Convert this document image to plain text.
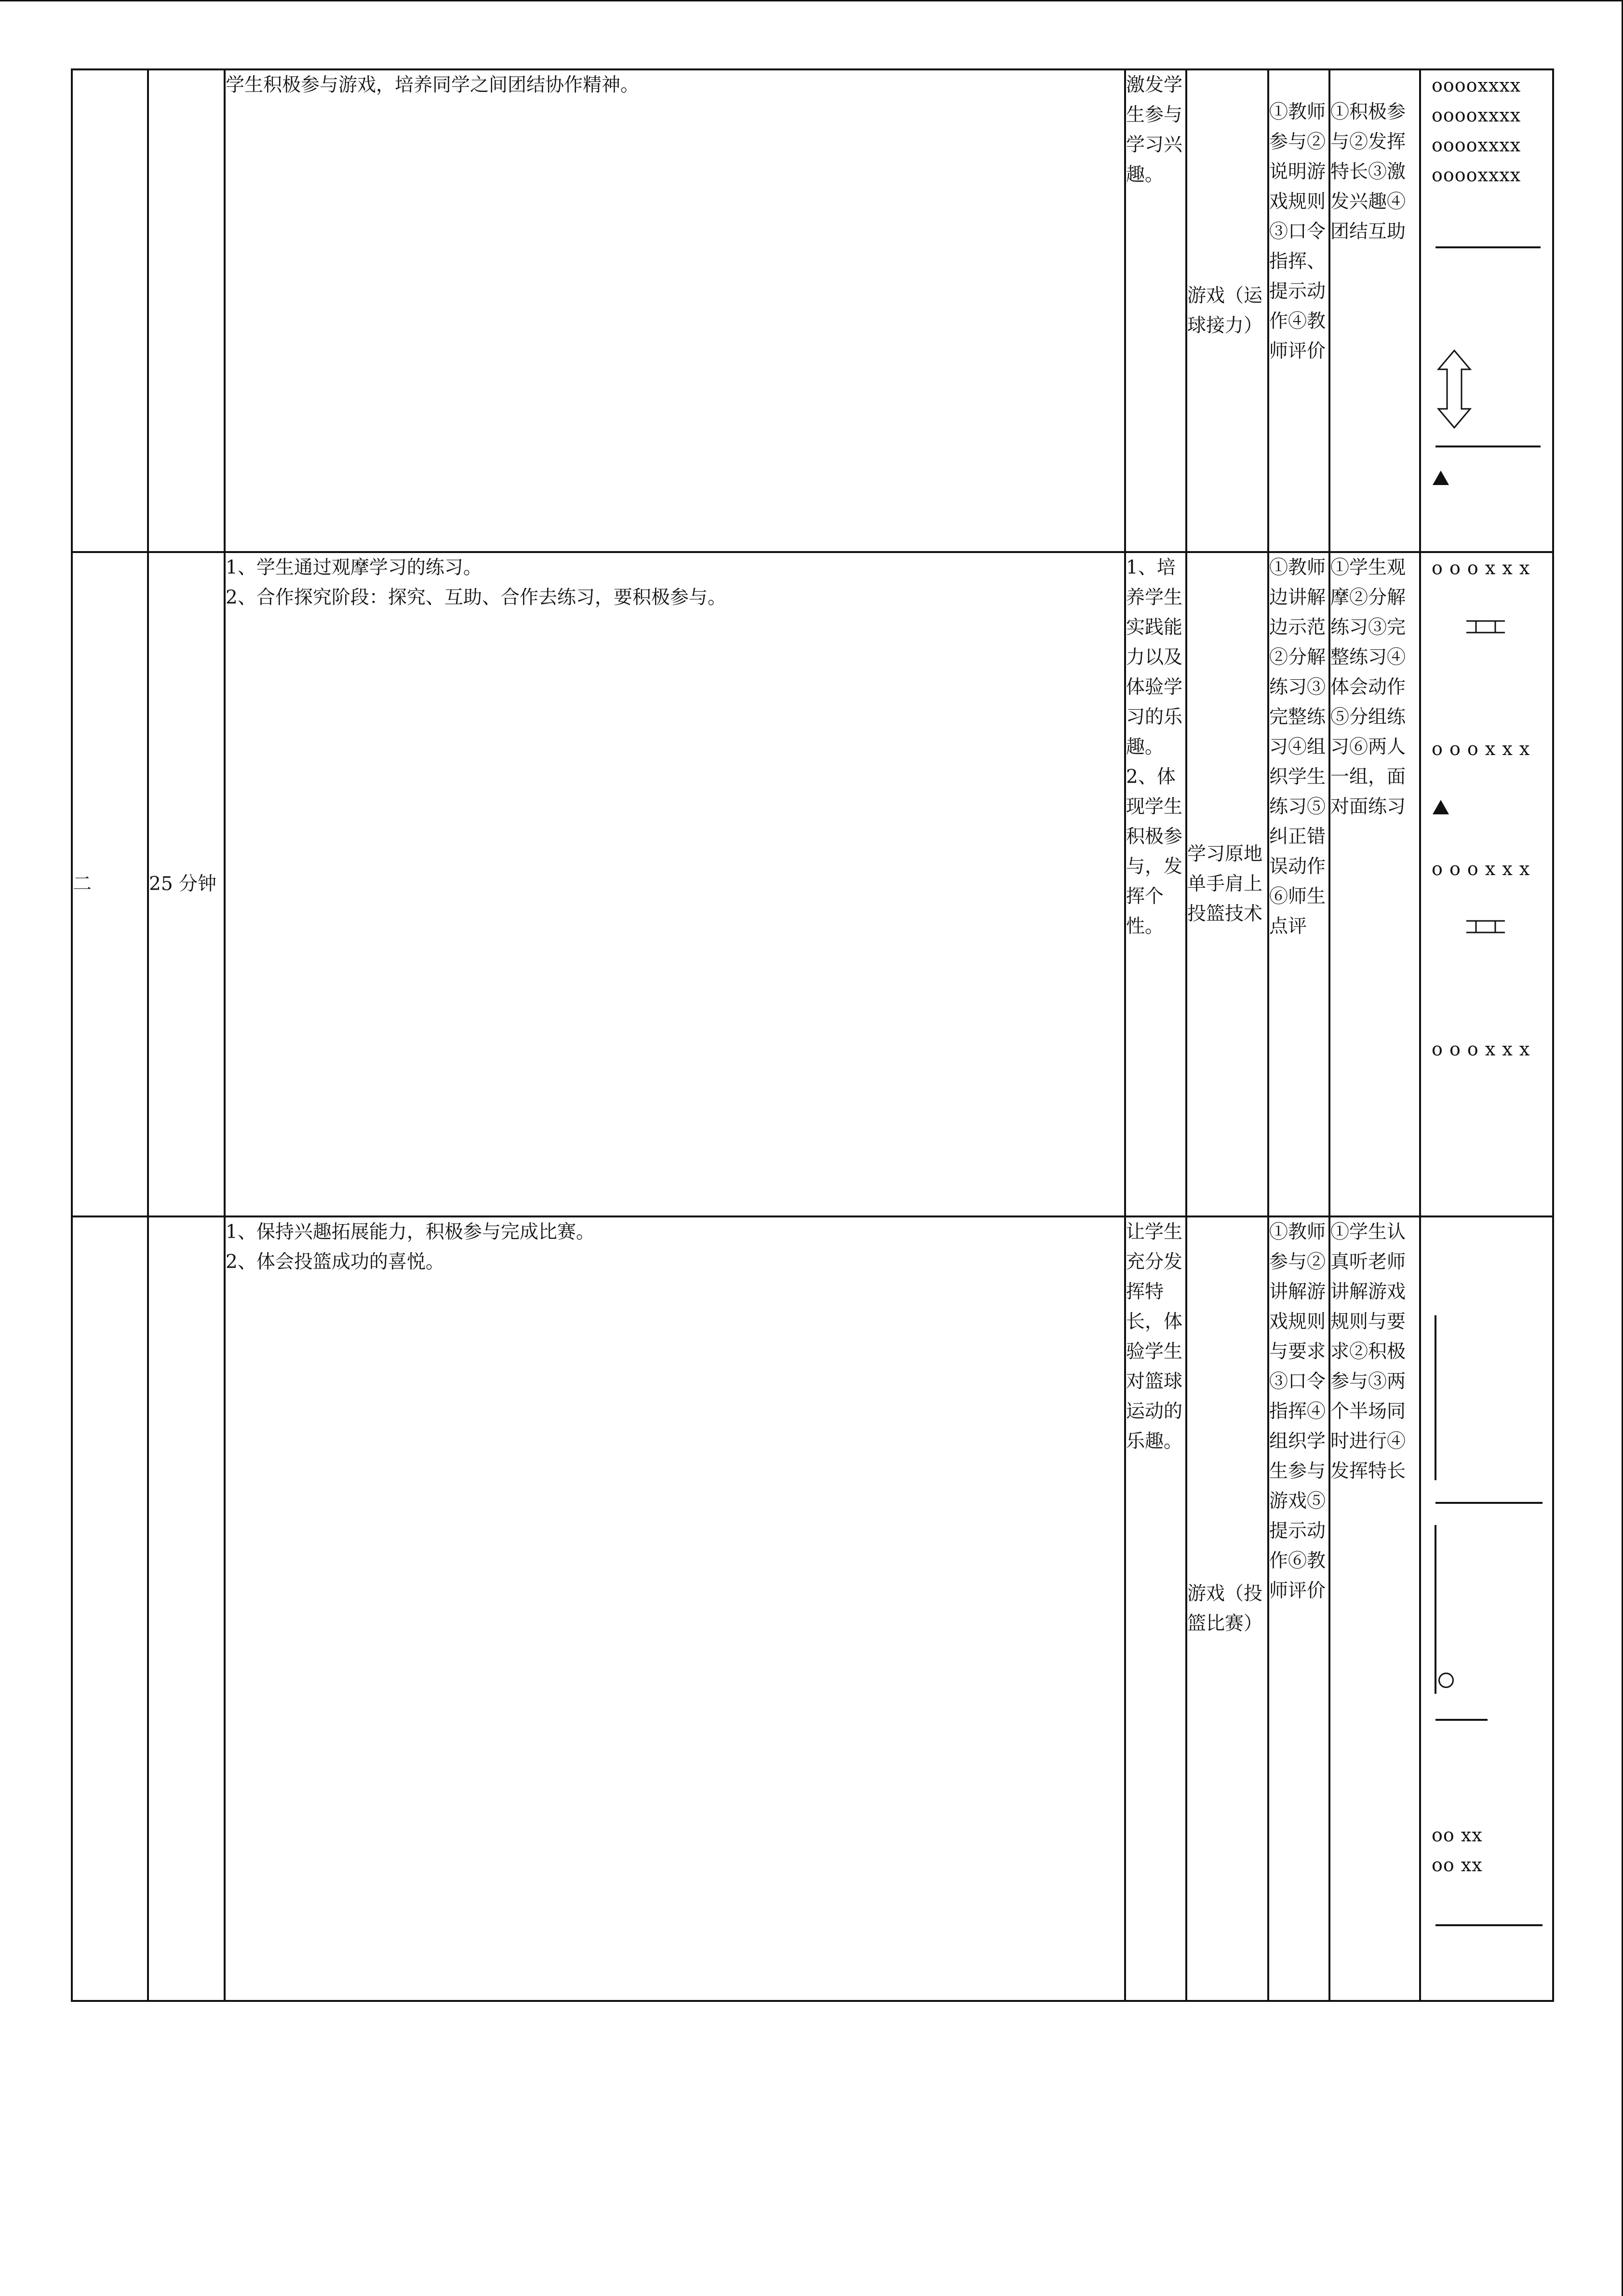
		学生积极参与游戏，培养同学之间团结协作精神。	激发学生参与学习兴趣。	游戏（运球接力）	①教师参与②说明游戏规则③口令指挥、提示动作④教师评价	①积极参与②发挥特长③激发兴趣④团结互助	ooooxxxx
ooooxxxx
ooooxxxx
ooooxxxx

二	25 分钟	1、学生通过观摩学习的练习。
2、合作探究阶段：探究、互助、合作去练习，要积极参与。	1、培养学生实践能力以及体验学习的乐趣。2、体现学生积极参与，发挥个性。	学习原地单手肩上投篮技术	①教师边讲解边示范②分解练习③完整练习④组织学生练习⑤纠正错误动作⑥师生点评	①学生观摩②分解练习③完整练习④体会动作⑤分组练习⑥两人一组，面对面练习	o o o x x x
o o o x x x
o o o x x x
o o o x x x

		1、保持兴趣拓展能力，积极参与完成比赛。
2、体会投篮成功的喜悦。	让学生充分发挥特长，体验学生对篮球运动的乐趣。	游戏（投篮比赛）	①教师参与②讲解游戏规则与要求③口令指挥④组织学生参与游戏⑤提示动作⑥教师评价	①学生认真听老师讲解游戏规则与要求②积极参与③两个半场同时进行④发挥特长	oo xx
oo xx
